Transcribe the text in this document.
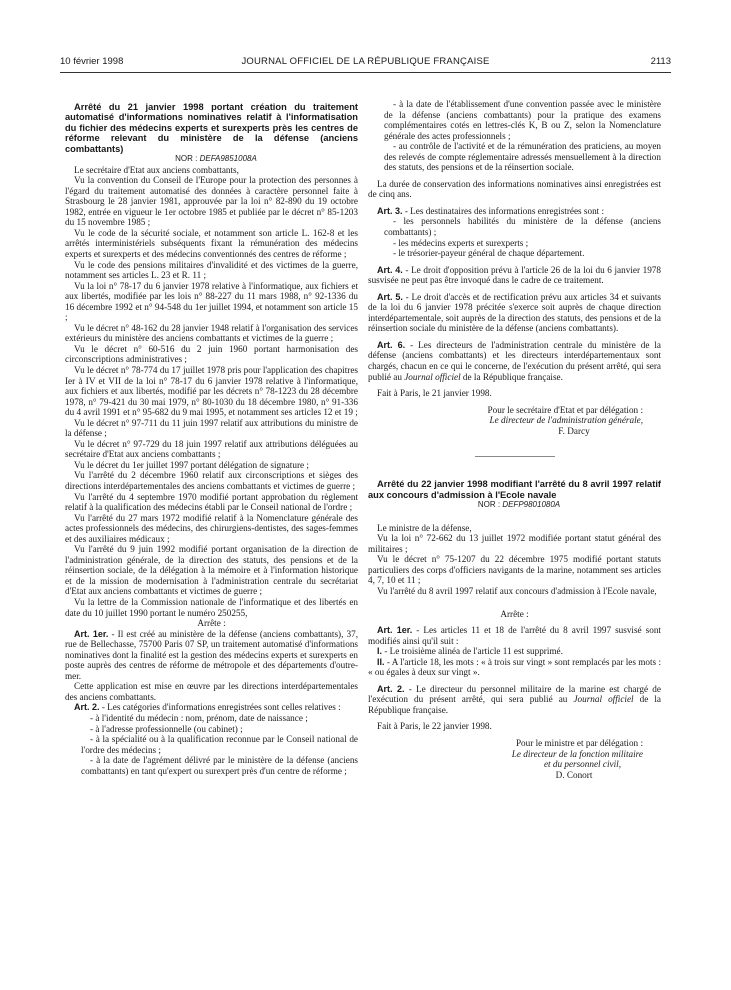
10 février 1998	JOURNAL OFFICIEL DE LA RÉPUBLIQUE FRANÇAISE	2113

Arrêté du 21 janvier 1998 portant création du traitement automatisé d'informations nominatives relatif à l'informatisation du fichier des médecins experts et surexperts près les centres de réforme relevant du ministère de la défense (anciens combattants)

NOR : DEFA9851008A

Le secrétaire d'Etat aux anciens combattants,

Vu la convention du Conseil de l'Europe pour la protection des personnes à l'égard du traitement automatisé des données à caractère personnel faite à Strasbourg le 28 janvier 1981, approuvée par la loi n° 82-890 du 19 octobre 1982, entrée en vigueur le 1er octobre 1985 et publiée par le décret n° 85-1203 du 15 novembre 1985 ;

Vu le code de la sécurité sociale, et notamment son article L. 162-8 et les arrêtés interministériels subséquents fixant la rémunération des médecins experts et surexperts et des médecins conventionnés des centres de réforme ;

Vu le code des pensions militaires d'invalidité et des victimes de la guerre, notamment ses articles L. 23 et R. 11 ;

Vu la loi n° 78-17 du 6 janvier 1978 relative à l'informatique, aux fichiers et aux libertés, modifiée par les lois n° 88-227 du 11 mars 1988, n° 92-1336 du 16 décembre 1992 et n° 94-548 du 1er juillet 1994, et notamment son article 15 ;

Vu le décret n° 48-162 du 28 janvier 1948 relatif à l'organisation des services extérieurs du ministère des anciens combattants et victimes de la guerre ;

Vu le décret n° 60-516 du 2 juin 1960 portant harmonisation des circonscriptions administratives ;

Vu le décret n° 78-774 du 17 juillet 1978 pris pour l'application des chapitres Ier à IV et VII de la loi n° 78-17 du 6 janvier 1978 relative à l'informatique, aux fichiers et aux libertés, modifié par les décrets n° 78-1223 du 28 décembre 1978, n° 79-421 du 30 mai 1979, n° 80-1030 du 18 décembre 1980, n° 91-336 du 4 avril 1991 et n° 95-682 du 9 mai 1995, et notamment ses articles 12 et 19 ;

Vu le décret n° 97-711 du 11 juin 1997 relatif aux attributions du ministre de la défense ;

Vu le décret n° 97-729 du 18 juin 1997 relatif aux attributions déléguées au secrétaire d'Etat aux anciens combattants ;

Vu le décret du 1er juillet 1997 portant délégation de signature ;

Vu l'arrêté du 2 décembre 1960 relatif aux circonscriptions et sièges des directions interdépartementales des anciens combattants et victimes de guerre ;

Vu l'arrêté du 4 septembre 1970 modifié portant approbation du règlement relatif à la qualification des médecins établi par le Conseil national de l'ordre ;

Vu l'arrêté du 27 mars 1972 modifié relatif à la Nomenclature générale des actes professionnels des médecins, des chirurgiens-dentistes, des sages-femmes et des auxiliaires médicaux ;

Vu l'arrêté du 9 juin 1992 modifié portant organisation de la direction de l'administration générale, de la direction des statuts, des pensions et de la réinsertion sociale, de la délégation à la mémoire et à l'information historique et de la mission de modernisation à l'administration centrale du secrétariat d'Etat aux anciens combattants et victimes de guerre ;

Vu la lettre de la Commission nationale de l'informatique et des libertés en date du 10 juillet 1990 portant le numéro 250255,

Arrête :

Art. 1er. - Il est créé au ministère de la défense (anciens combattants), 37, rue de Bellechasse, 75700 Paris 07 SP, un traitement automatisé d'informations nominatives dont la finalité est la gestion des médecins experts et surexperts en poste auprès des centres de réforme de métropole et des départements d'outre-mer.

Cette application est mise en œuvre par les directions interdépartementales des anciens combattants.

Art. 2. - Les catégories d'informations enregistrées sont celles relatives :

- à l'identité du médecin : nom, prénom, date de naissance ;

- à l'adresse professionnelle (ou cabinet) ;

- à la spécialité ou à la qualification reconnue par le Conseil national de l'ordre des médecins ;

- à la date de l'agrément délivré par le ministère de la défense (anciens combattants) en tant qu'expert ou surexpert près d'un centre de réforme ;

- à la date de l'établissement d'une convention passée avec le ministère de la défense (anciens combattants) pour la pratique des examens complémentaires cotés en lettres-clés K, B ou Z, selon la Nomenclature générale des actes professionnels ;

- au contrôle de l'activité et de la rémunération des praticiens, au moyen des relevés de compte réglementaire adressés mensuellement à la direction des statuts, des pensions et de la réinsertion sociale.

La durée de conservation des informations nominatives ainsi enregistrées est de cinq ans.

Art. 3. - Les destinataires des informations enregistrées sont :

- les personnels habilités du ministère de la défense (anciens combattants) ;

- les médecins experts et surexperts ;

- le trésorier-payeur général de chaque département.

Art. 4. - Le droit d'opposition prévu à l'article 26 de la loi du 6 janvier 1978 susvisée ne peut pas être invoqué dans le cadre de ce traitement.

Art. 5. - Le droit d'accès et de rectification prévu aux articles 34 et suivants de la loi du 6 janvier 1978 précitée s'exerce soit auprès de chaque direction interdépartementale, soit auprès de la direction des statuts, des pensions et de la réinsertion sociale du ministère de la défense (anciens combattants).

Art. 6. - Les directeurs de l'administration centrale du ministère de la défense (anciens combattants) et les directeurs interdépartementaux sont chargés, chacun en ce qui le concerne, de l'exécution du présent arrêté, qui sera publié au Journal officiel de la République française.

Fait à Paris, le 21 janvier 1998.

Pour le secrétaire d'Etat et par délégation :

Le directeur de l'administration générale,

F. Darcy

Arrêté du 22 janvier 1998 modifiant l'arrêté du 8 avril 1997 relatif aux concours d'admission à l'Ecole navale

NOR : DEFP9801080A

Le ministre de la défense,

Vu la loi n° 72-662 du 13 juillet 1972 modifiée portant statut général des militaires ;

Vu le décret n° 75-1207 du 22 décembre 1975 modifié portant statuts particuliers des corps d'officiers navigants de la marine, notamment ses articles 4, 7, 10 et 11 ;

Vu l'arrêté du 8 avril 1997 relatif aux concours d'admission à l'Ecole navale,

Arrête :

Art. 1er. - Les articles 11 et 18 de l'arrêté du 8 avril 1997 susvisé sont modifiés ainsi qu'il suit :

I. - Le troisième alinéa de l'article 11 est supprimé.

II. - A l'article 18, les mots : « à trois sur vingt » sont remplacés par les mots : « ou égales à deux sur vingt ».

Art. 2. - Le directeur du personnel militaire de la marine est chargé de l'exécution du présent arrêté, qui sera publié au Journal officiel de la République française.

Fait à Paris, le 22 janvier 1998.

Pour le ministre et par délégation :

Le directeur de la fonction militaire

et du personnel civil,

D. Conort
